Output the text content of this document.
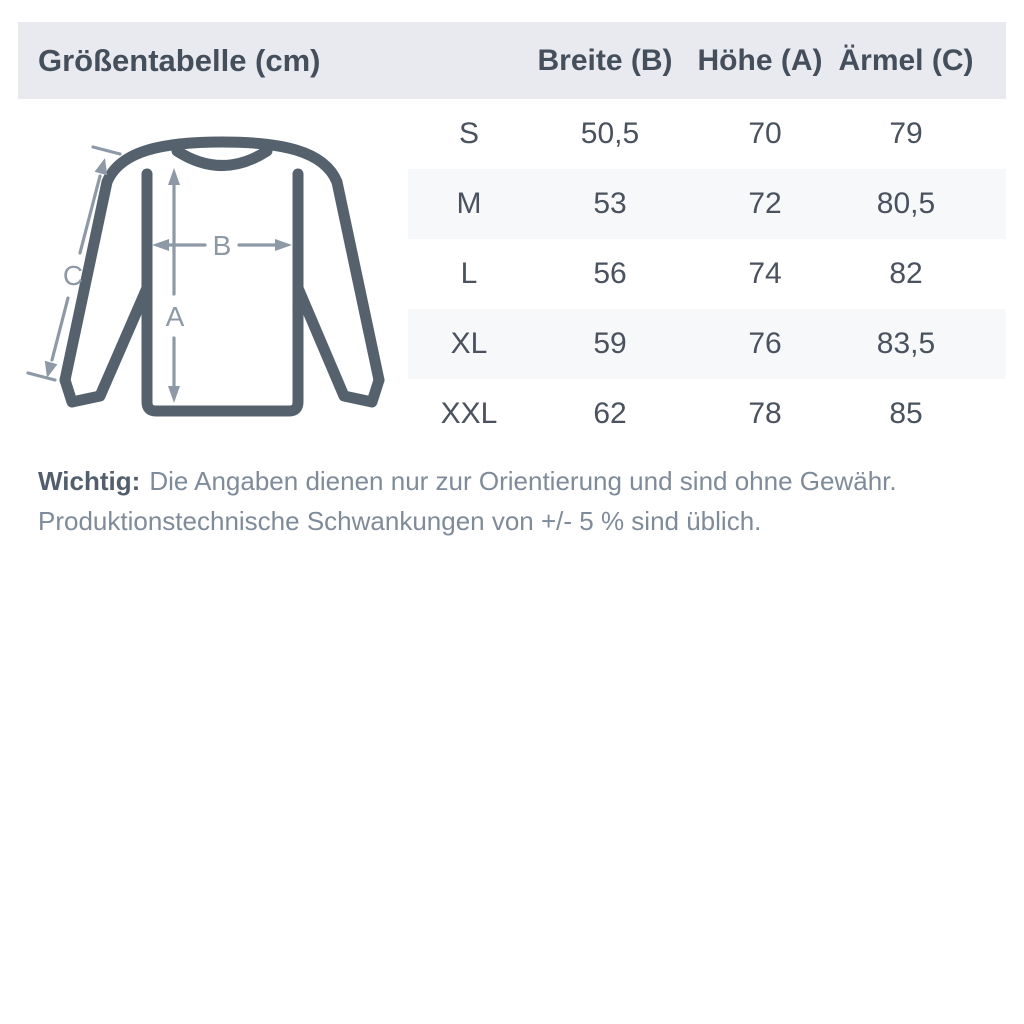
Größentabelle (cm)	Breite (B) Höhe (A) Ärmel (C)
S	50,5	70	79
M	53	72	80,5
L	56	74	82
XL	59	76	83,5
XXL	62	78	85
A
B
C
Wichtig: Die Angaben dienen nur zur Orientierung und sind ohne Gewähr.
Produktionstechnische Schwankungen von +/- 5 % sind üblich.
